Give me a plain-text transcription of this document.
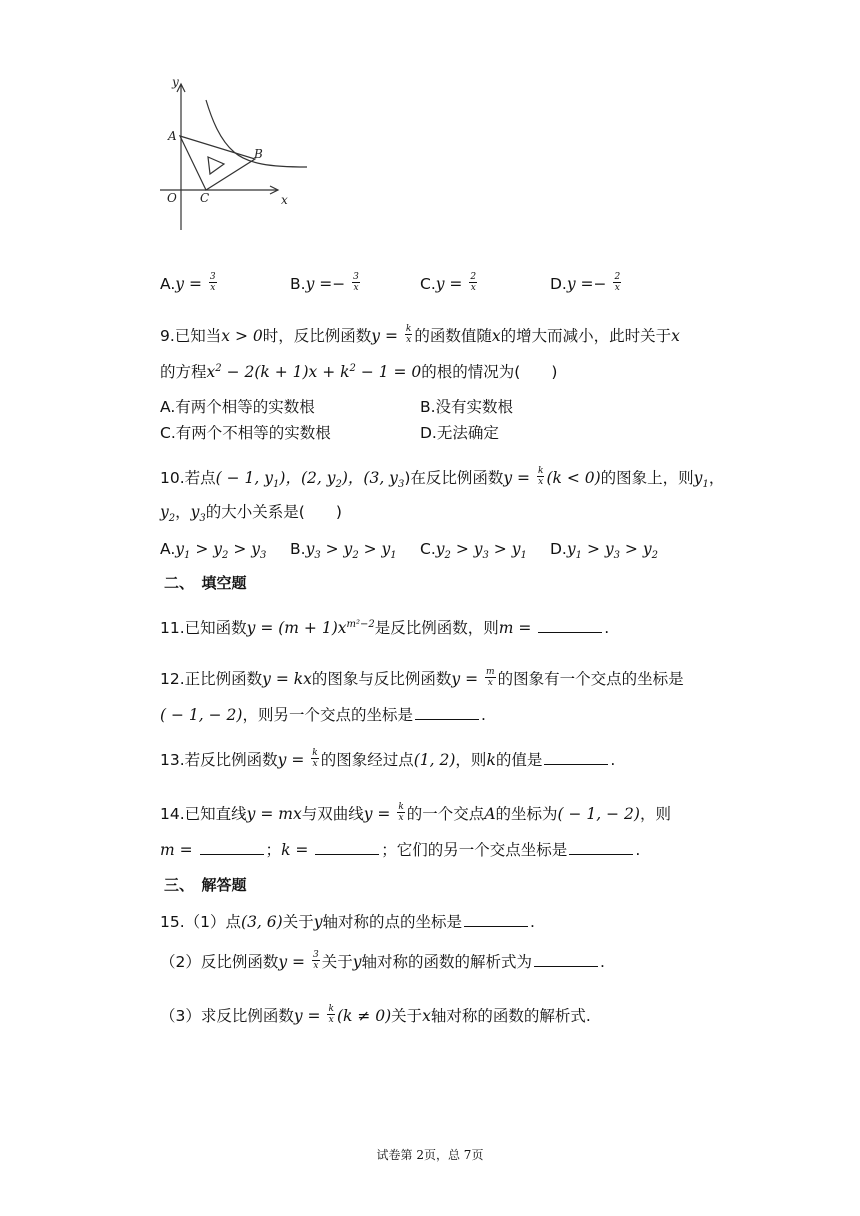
y
A
B
O C	x
$A.y = \frac{3}{x}$	$B.y =- \frac{3}{x}$	$C.y = \frac{2}{x}$	$D.y =- \frac{2}{x}$
9.已知当x > 0时，反比例函数$y = \frac{k}{x}$ 的函数值随x的增大而减小，此时关于x
的方程$x^2 - 2(k + 1)x + k^2 - 1 = 0$的根的情况为(　　)
A.有两个相等的实数根	B.没有实数根
C.有两个不相等的实数根	D.无法确定
10.若点( − 1, $y_1$)，(2, $y_2$)，(3, $y_3$)在反比例函数$y = \frac{k}{x} (k < 0)$的图象上，则$y_1$，
$y_2$，$y_3$的大小关系是(　　)
$A.y_1 > y_2 > y_3$ $B.y_3 > y_2 > y_1$ $C.y_2 > y_3 > y_1$ $D.y_1 > y_3 > y_2$
二、　填空题
11.已知函数$y = (m + 1)x^{m^2-2}$是反比例函数，则m =	.
12.正比例函数y = kx的图象与反比例函数$y = \frac{m}{x}$ 的图象有一个交点的坐标是
( − 1, − 2)，则另一个交点的坐标是	.
13.若反比例函数$y = \frac{k}{x}$ 的图象经过点(1, 2)，则k的值是	.
14.已知直线y = mx与双曲线$y = \frac{k}{x}$ 的一个交点A的坐标为( − 1, − 2)，则
m =	；k =	；它们的另一个交点坐标是	.
三、　解答题
15.（1）点(3, 6)关于y轴对称的点的坐标是	.
（2）反比例函数$y = \frac{3}{x}$ 关于y轴对称的函数的解析式为	.
（3）求反比例函数$y = \frac{k}{x} (k \ne 0)$关于x轴对称的函数的解析式.
试卷第 2页，总 7页
